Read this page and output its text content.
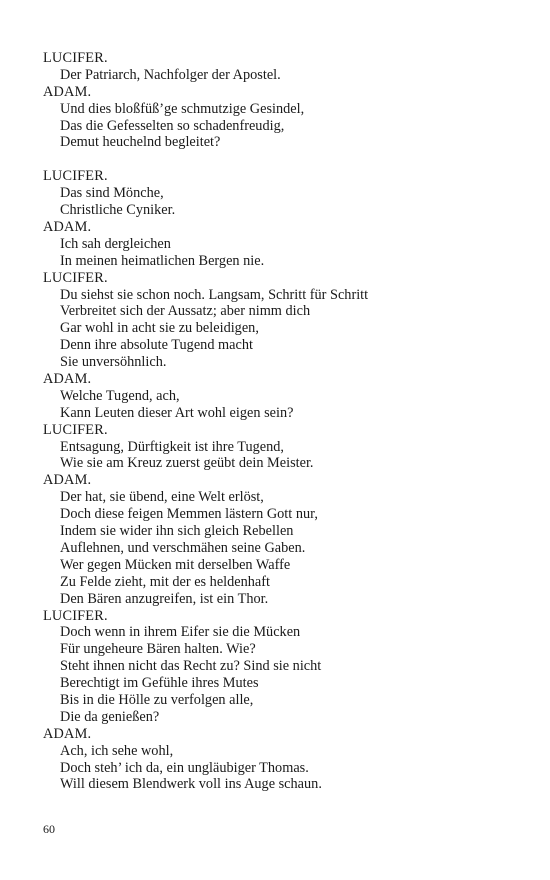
LUCIFER.
Der Patriarch, Nachfolger der Apostel.
ADAM.
Und dies bloßfüß’ge schmutzige Gesindel,
Das die Gefesselten so schadenfreudig,
Demut heuchelnd begleitet?
LUCIFER.
Das sind Mönche,
Christliche Cyniker.
ADAM.
Ich sah dergleichen
In meinen heimatlichen Bergen nie.
LUCIFER.
Du siehst sie schon noch. Langsam, Schritt für Schritt
Verbreitet sich der Aussatz; aber nimm dich
Gar wohl in acht sie zu beleidigen,
Denn ihre absolute Tugend macht
Sie unversöhnlich.
ADAM.
Welche Tugend, ach,
Kann Leuten dieser Art wohl eigen sein?
LUCIFER.
Entsagung, Dürftigkeit ist ihre Tugend,
Wie sie am Kreuz zuerst geübt dein Meister.
ADAM.
Der hat, sie übend, eine Welt erlöst,
Doch diese feigen Memmen lästern Gott nur,
Indem sie wider ihn sich gleich Rebellen
Auflehnen, und verschmähen seine Gaben.
Wer gegen Mücken mit derselben Waffe
Zu Felde zieht, mit der es heldenhaft
Den Bären anzugreifen, ist ein Thor.
LUCIFER.
Doch wenn in ihrem Eifer sie die Mücken
Für ungeheure Bären halten. Wie?
Steht ihnen nicht das Recht zu? Sind sie nicht
Berechtigt im Gefühle ihres Mutes
Bis in die Hölle zu verfolgen alle,
Die da genießen?
ADAM.
Ach, ich sehe wohl,
Doch steh’ ich da, ein ungläubiger Thomas.
Will diesem Blendwerk voll ins Auge schaun.
60
